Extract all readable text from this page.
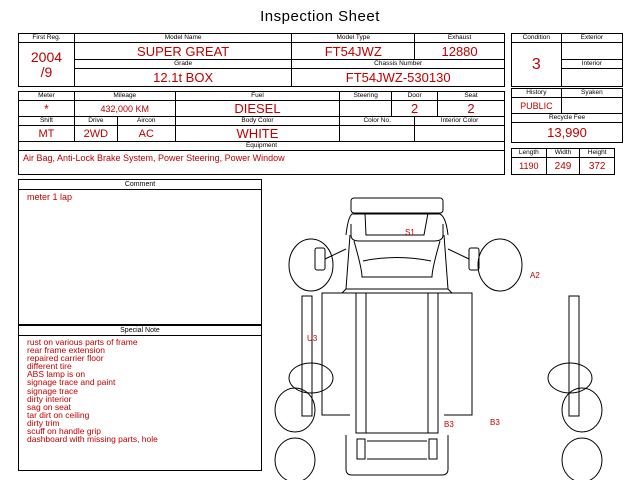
Inspection Sheet
First Reg.	Model Name			Model Type			Exhaust	

2004
/9	SUPER GREAT			FT54JWZ			12880	
	Grade			Chassis Number				
	12.1t BOX			FT54JWZ-530130				

Meter	Mileage		Fuel		Steering	Door		Seat
*	432,000 KM		DIESEL			2		2
Shift	Drive	Aircon	Body Color		Color No.		Interior Color	
MT	2WD	AC	WHITE					
Equipment								
Air Bag, Anti-Lock Brake System, Power Steering, Power Window								
Condition	Exterior
3	
	Interior

History	Syaken
PUBLIC	
Recycle Fee	
13,990	
Length	Width	Height
1190	249	372
Comment
meter 1 lap
Special Note
rust on various parts of frame
rear frame extension
repaired carrier floor
different tire
ABS lamp is on
signage trace and paint
signage trace
dirty interior
sag on seat
tar dirt on ceiling
dirty trim
scuff on handle grip
dashboard with missing parts, hole
S1
A2
U3
B3	B3
